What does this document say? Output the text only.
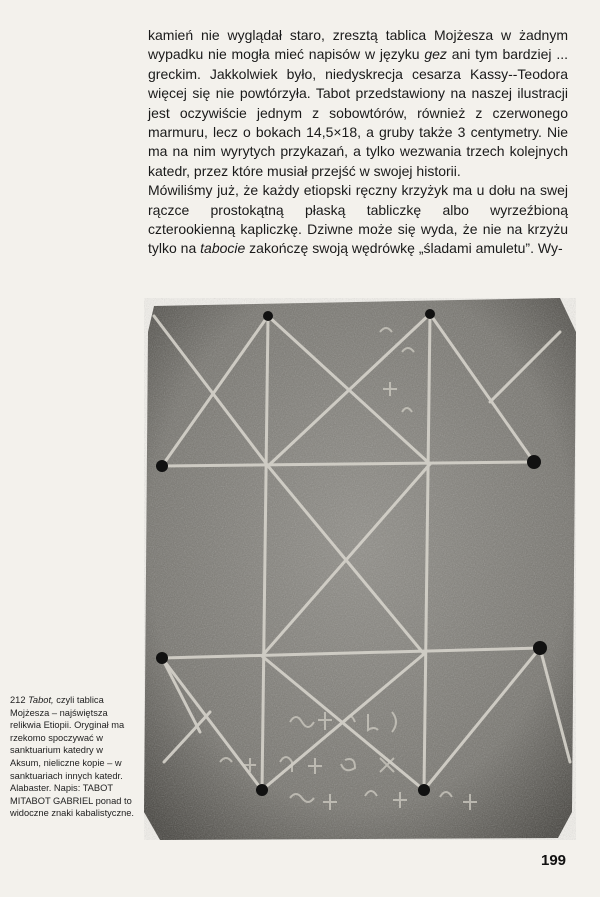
kamień nie wyglądał staro, zresztą tablica Mojżesza w żadnym wypadku nie mogła mieć napisów w języku gez ani tym bardziej ... greckim. Jakkolwiek było, niedyskrecja cesarza Kassy--Teodora więcej się nie powtórzyła. Tabot przedstawiony na naszej ilustracji jest oczywiście jednym z sobowtórów, również z czerwonego marmuru, lecz o bokach 14,5×18, a gruby także 3 centymetry. Nie ma na nim wyrytych przykazań, a tylko wezwania trzech kolejnych katedr, przez które musiał przejść w swojej historii.

Mówiliśmy już, że każdy etiopski ręczny krzyżyk ma u dołu na swej rączce prostokątną płaską tabliczkę albo wyrzeźbioną czterookienną kapliczkę. Dziwne może się wyda, że nie na krzyżu tylko na tabocie zakończę swoją wędrówkę „śladami amuletu”. Wy-

212 Tabot, czyli tablica Mojżesza – najświętsza relikwia Etiopii. Oryginał ma rzekomo spoczywać w sanktuarium katedry w Aksum, nieliczne kopie – w sanktuariach innych katedr. Alabaster. Napis: TABOT MITABOT GABRIEL ponad to widoczne znaki kabalistyczne.
199
